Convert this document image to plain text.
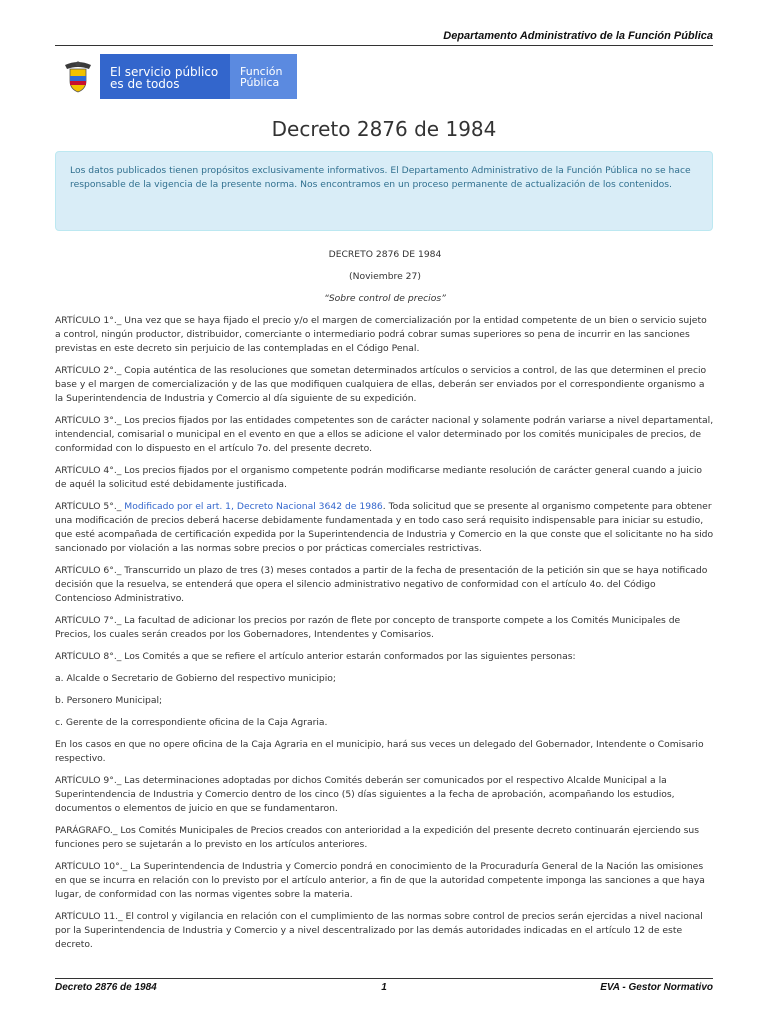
Departamento Administrativo de la Función Pública
El servicio público
es de todos
Función
Pública
Decreto 2876 de 1984
Los datos publicados tienen propósitos exclusivamente informativos. El Departamento Administrativo de la Función Pública no se hace responsable de la vigencia de la presente norma. Nos encontramos en un proceso permanente de actualización de los contenidos.

DECRETO 2876 DE 1984

(Noviembre 27)

“Sobre control de precios”

ARTÍCULO 1°._ Una vez que se haya fijado el precio y/o el margen de comercialización por la entidad competente de un bien o servicio sujeto a control, ningún productor, distribuidor, comerciante o intermediario podrá cobrar sumas superiores so pena de incurrir en las sanciones previstas en este decreto sin perjuicio de las contempladas en el Código Penal.

ARTÍCULO 2°._ Copia auténtica de las resoluciones que sometan determinados artículos o servicios a control, de las que determinen el precio base y el margen de comercialización y de las que modifiquen cualquiera de ellas, deberán ser enviados por el correspondiente organismo a la Superintendencia de Industria y Comercio al día siguiente de su expedición.

ARTÍCULO 3°._ Los precios fijados por las entidades competentes son de carácter nacional y solamente podrán variarse a nivel departamental, intendencial, comisarial o municipal en el evento en que a ellos se adicione el valor determinado por los comités municipales de precios, de conformidad con lo dispuesto en el artículo 7o. del presente decreto.

ARTÍCULO 4°._ Los precios fijados por el organismo competente podrán modificarse mediante resolución de carácter general cuando a juicio de aquél la solicitud esté debidamente justificada.

ARTÍCULO 5°._ Modificado por el art. 1, Decreto Nacional 3642 de 1986. Toda solicitud que se presente al organismo competente para obtener una modificación de precios deberá hacerse debidamente fundamentada y en todo caso será requisito indispensable para iniciar su estudio, que esté acompañada de certificación expedida por la Superintendencia de Industria y Comercio en la que conste que el solicitante no ha sido sancionado por violación a las normas sobre precios o por prácticas comerciales restrictivas.

ARTÍCULO 6°._ Transcurrido un plazo de tres (3) meses contados a partir de la fecha de presentación de la petición sin que se haya notificado decisión que la resuelva, se entenderá que opera el silencio administrativo negativo de conformidad con el artículo 4o. del Código Contencioso Administrativo.

ARTÍCULO 7°._ La facultad de adicionar los precios por razón de flete por concepto de transporte compete a los Comités Municipales de Precios, los cuales serán creados por los Gobernadores, Intendentes y Comisarios.

ARTÍCULO 8°._ Los Comités a que se refiere el artículo anterior estarán conformados por las siguientes personas:

a. Alcalde o Secretario de Gobierno del respectivo municipio;

b. Personero Municipal;

c. Gerente de la correspondiente oficina de la Caja Agraria.

En los casos en que no opere oficina de la Caja Agraria en el municipio, hará sus veces un delegado del Gobernador, Intendente o Comisario respectivo.

ARTÍCULO 9°._ Las determinaciones adoptadas por dichos Comités deberán ser comunicados por el respectivo Alcalde Municipal a la Superintendencia de Industria y Comercio dentro de los cinco (5) días siguientes a la fecha de aprobación, acompañando los estudios, documentos o elementos de juicio en que se fundamentaron.

PARÁGRAFO._ Los Comités Municipales de Precios creados con anterioridad a la expedición del presente decreto continuarán ejerciendo sus funciones pero se sujetarán a lo previsto en los artículos anteriores.

ARTÍCULO 10°._ La Superintendencia de Industria y Comercio pondrá en conocimiento de la Procuraduría General de la Nación las omisiones en que se incurra en relación con lo previsto por el artículo anterior, a fin de que la autoridad competente imponga las sanciones a que haya lugar, de conformidad con las normas vigentes sobre la materia.

ARTÍCULO 11._ El control y vigilancia en relación con el cumplimiento de las normas sobre control de precios serán ejercidas a nivel nacional por la Superintendencia de Industria y Comercio y a nivel descentralizado por las demás autoridades indicadas en el artículo 12 de este decreto.

Decreto 2876 de 1984	1	EVA - Gestor Normativo
